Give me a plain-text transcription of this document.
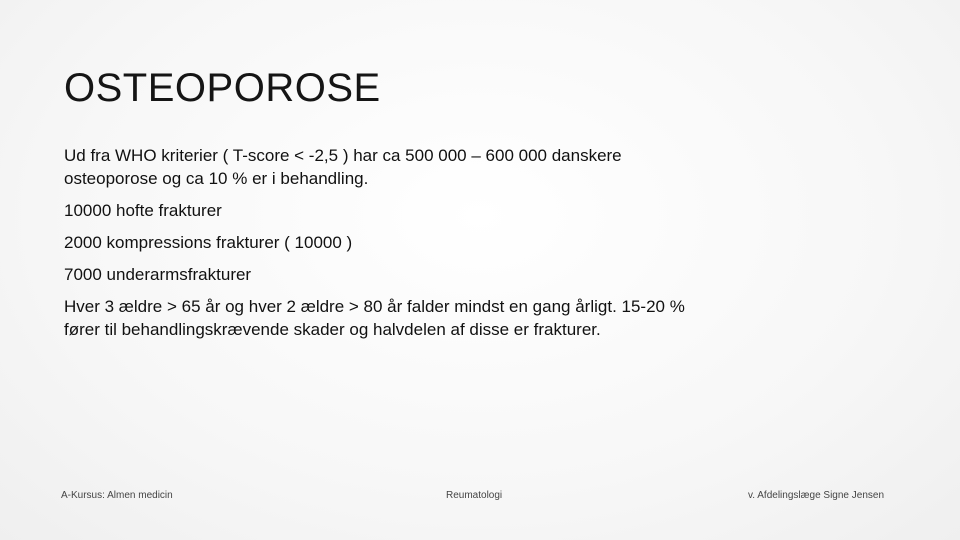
OSTEOPOROSE
Ud fra WHO kriterier ( T-score < -2,5 ) har ca 500 000 – 600 000 danskere
osteoporose og ca 10 % er i behandling.
10000 hofte frakturer
2000 kompressions frakturer ( 10000 )
7000 underarmsfrakturer
Hver 3 ældre > 65 år og hver 2 ældre > 80 år falder mindst en gang årligt. 15-20 %
fører til behandlingskrævende skader og halvdelen af disse er frakturer.
A-Kursus: Almen medicin	Reumatologi	v. Afdelingslæge Signe Jensen
